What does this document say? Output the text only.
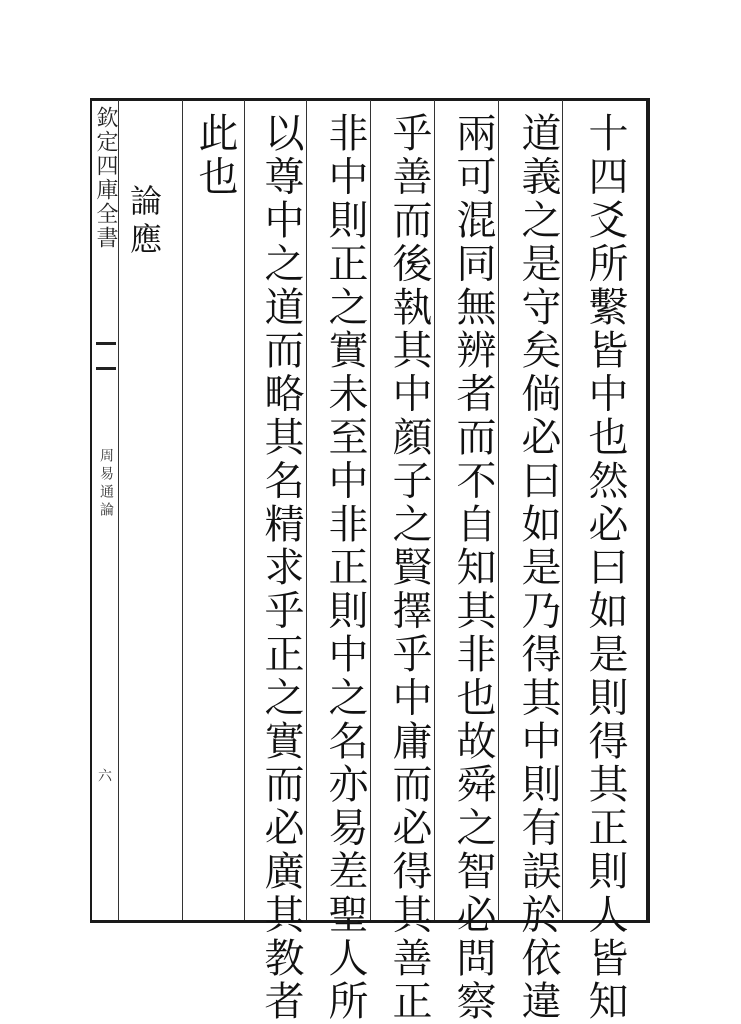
欽定四庫全書
周易通論
六
論應	十四爻所繫皆中也然必曰如是則得其正則人皆知
道義之是守矣倘必曰如是乃得其中則有誤於依違
兩可混同無辨者而不自知其非也故舜之智必問察
乎善而後執其中顔子之賢擇乎中庸而必得其善正
非中則正之實未至中非正則中之名亦易差聖人所
以尊中之道而略其名精求乎正之實而必廣其教者
此也
